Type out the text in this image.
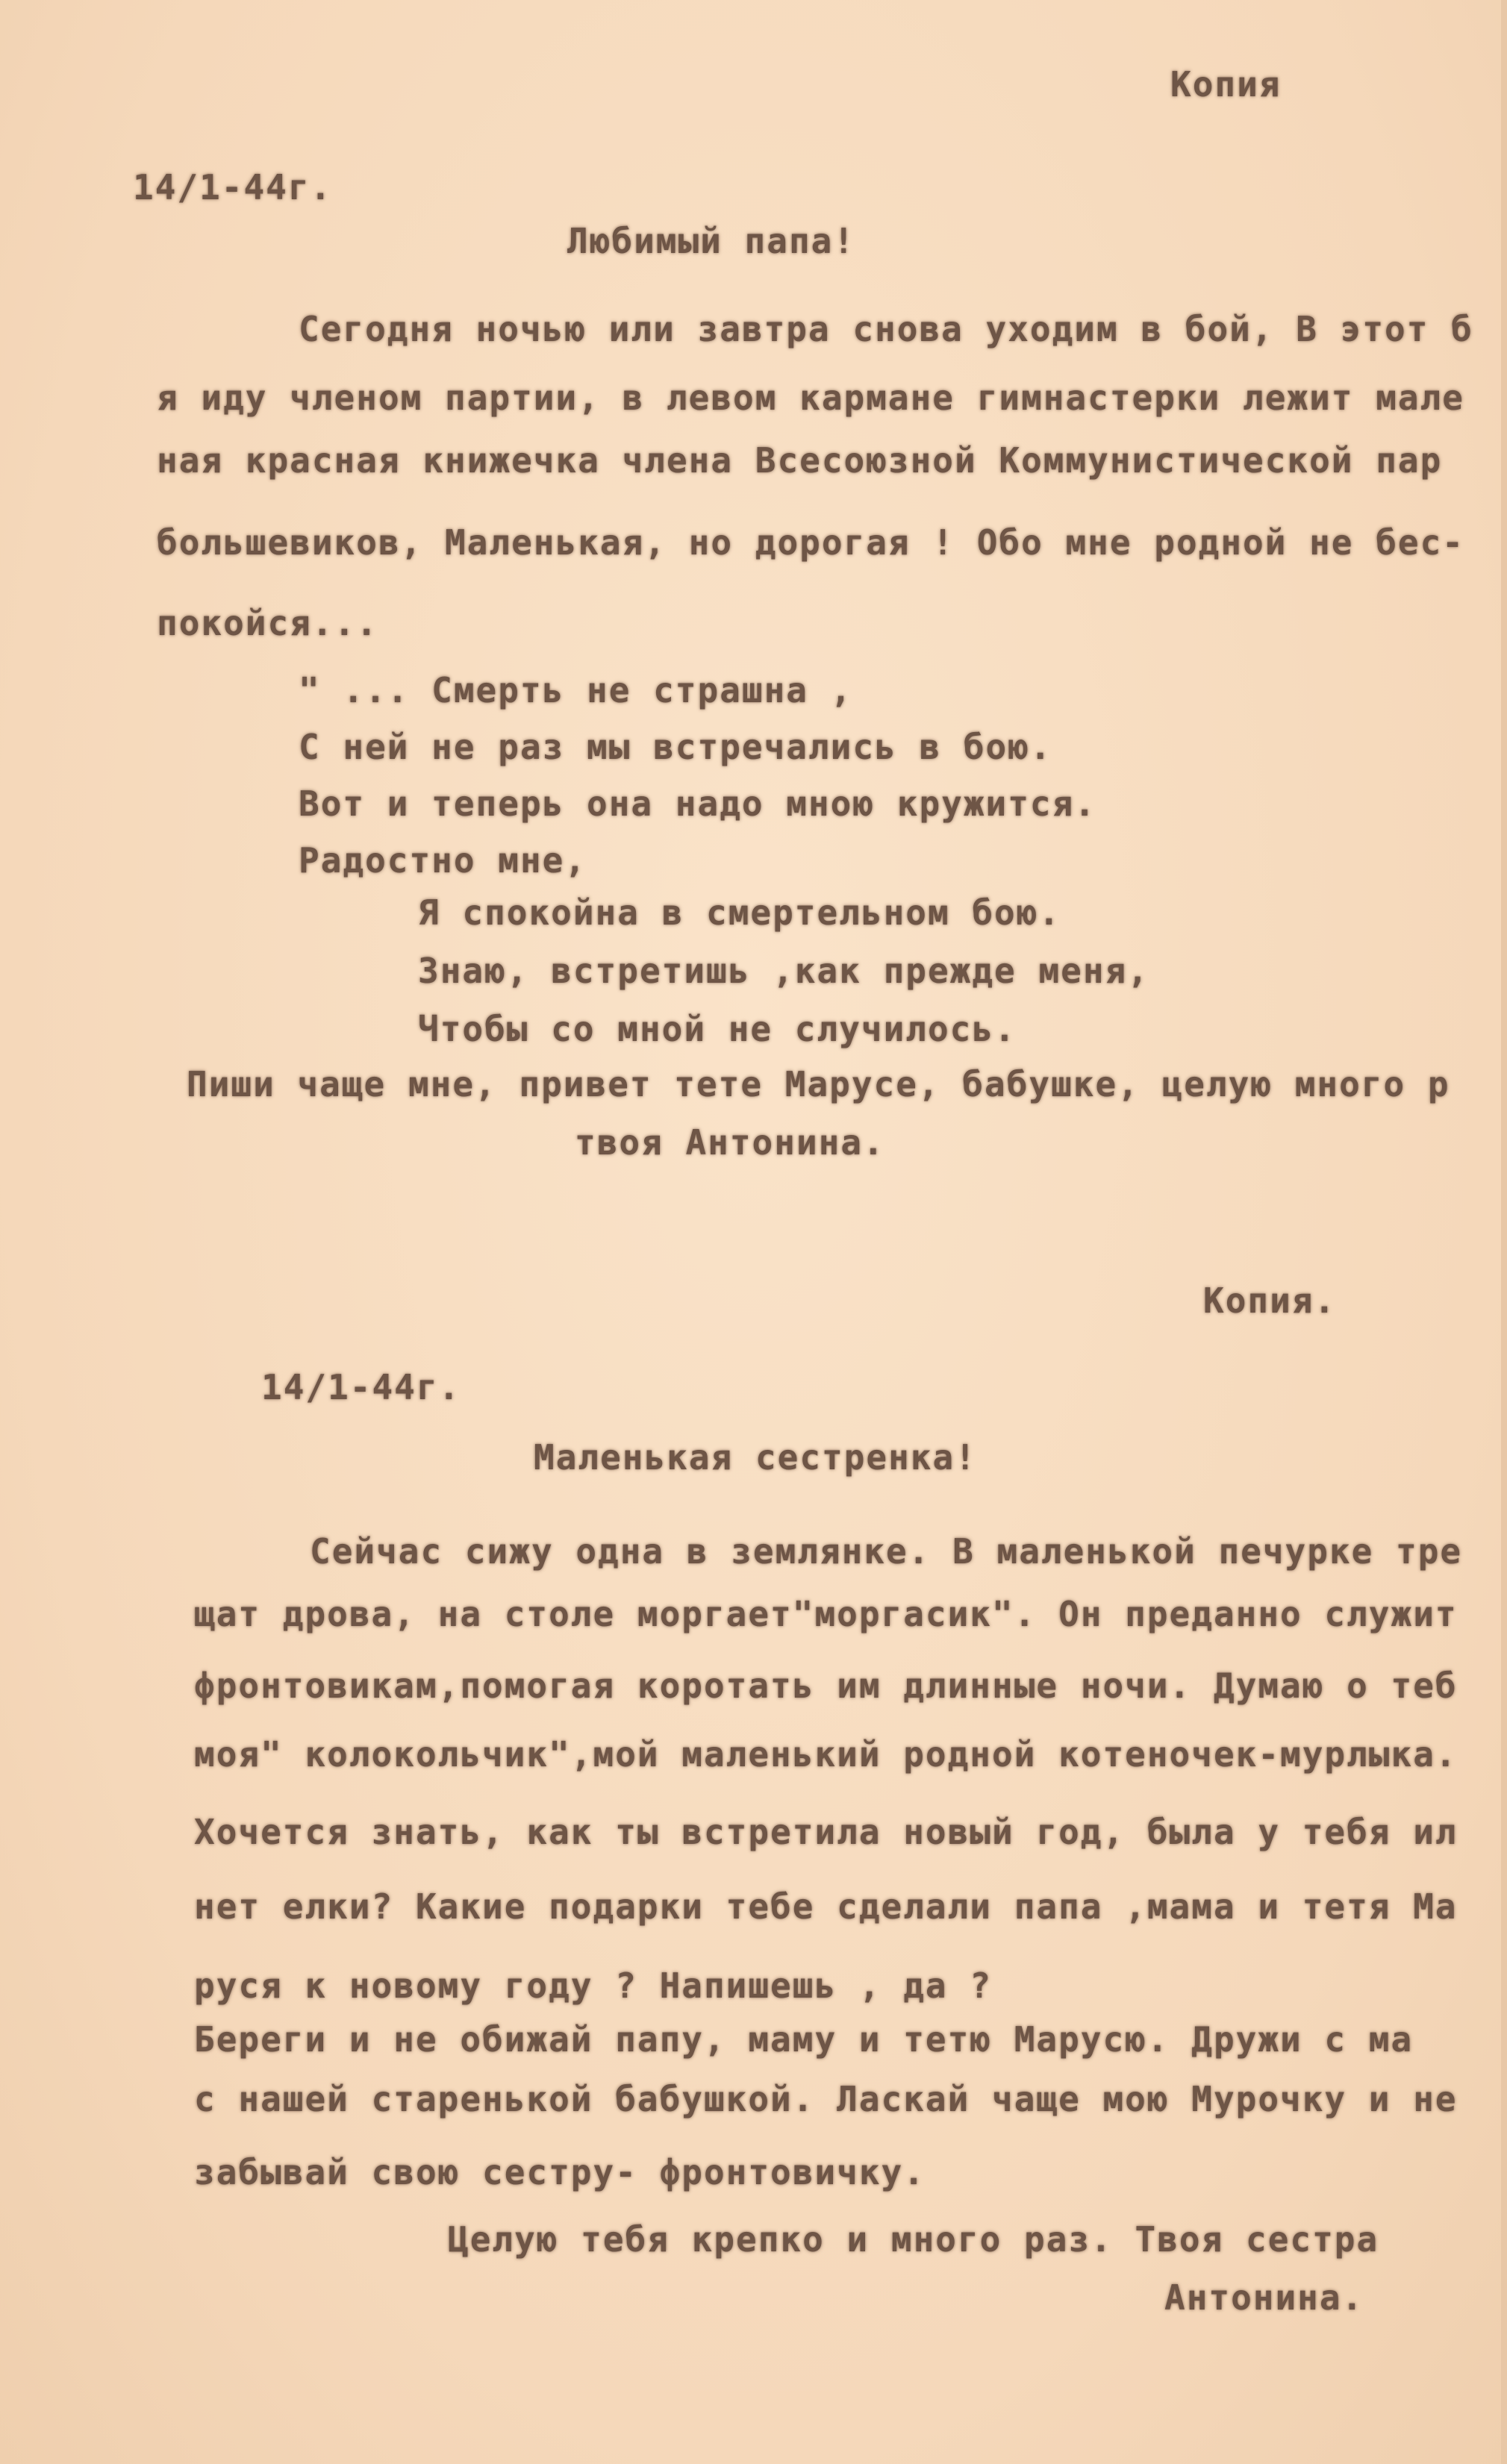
Копия
14/1-44г.
Любимый папа!
Сегодня ночью или завтра снова уходим в бой, В этот б
я иду членом партии, в левом кармане гимнастерки лежит мале
ная красная книжечка члена Всесоюзной Коммунистической пар
большевиков, Маленькая, но дорогая ! Обо мне родной не бес-
покойся...
" ... Смерть не страшна ,
С ней не раз мы встречались в бою.
Вот и теперь она надо мною кружится.
Радостно мне,
Я спокойна в смертельном бою.
Знаю, встретишь ,как прежде меня,
Чтобы со мной не случилось.
Пиши чаще мне, привет тете Марусе, бабушке, целую много р
твоя Антонина.
Копия.
14/1-44г.
Маленькая сестренка!
Сейчас сижу одна в землянке. В маленькой печурке тре
щат дрова, на столе моргает"моргасик". Он преданно служит
фронтовикам,помогая коротать им длинные ночи. Думаю о теб
моя" колокольчик",мой маленький родной котеночек-мурлыка.
Хочется знать, как ты встретила новый год, была у тебя ил
нет елки? Какие подарки тебе сделали папа ,мама и тетя Ма
руся к новому году ? Напишешь , да ?
Береги и не обижай папу, маму и тетю Марусю. Дружи с ма
с нашей старенькой бабушкой. Ласкай чаще мою Мурочку и не
забывай свою сестру- фронтовичку.
Целую тебя крепко и много раз. Твоя сестра
Антонина.
